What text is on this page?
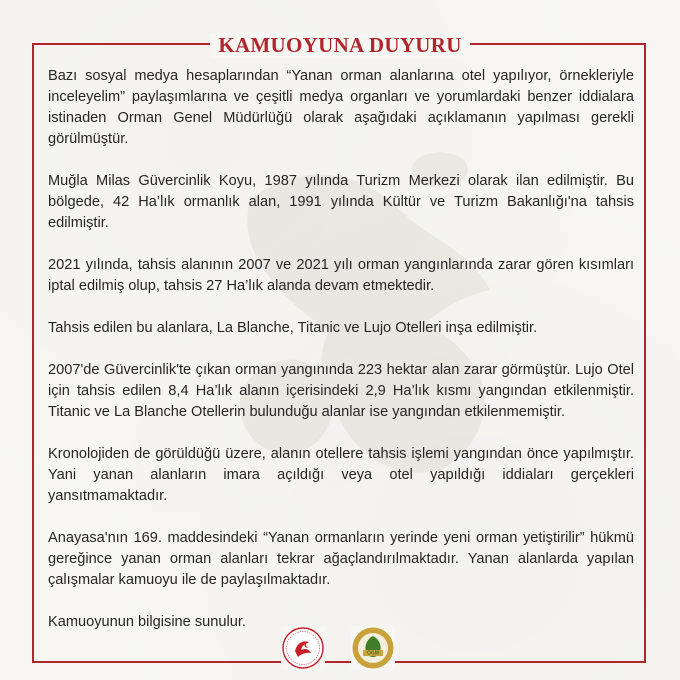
KAMUOYUNA DUYURU

Bazı sosyal medya hesaplarından “Yanan orman alanlarına otel yapılıyor, örnekleriyle inceleyelim” paylaşımlarına ve çeşitli medya organları ve yorumlardaki benzer iddialara istinaden Orman Genel Müdürlüğü olarak aşağıdaki açıklamanın yapılması gerekli görülmüştür.

Muğla Milas Güvercinlik Koyu, 1987 yılında Turizm Merkezi olarak ilan edilmiştir. Bu bölgede, 42 Ha’lık ormanlık alan, 1991 yılında Kültür ve Turizm Bakanlığı'na tahsis edilmiştir.

2021 yılında, tahsis alanının 2007 ve 2021 yılı orman yangınlarında zarar gören kısımları iptal edilmiş olup, tahsis 27 Ha’lık alanda devam etmektedir.

Tahsis edilen bu alanlara, La Blanche, Titanic ve Lujo Otelleri inşa edilmiştir.

2007'de Güvercinlik'te çıkan orman yangınında 223 hektar alan zarar görmüştür. Lujo Otel için tahsis edilen 8,4 Ha’lık alanın içerisindeki 2,9 Ha’lık kısmı yangından etkilenmiştir. Titanic ve La Blanche Otellerin bulunduğu alanlar ise yangından etkilenmemiştir.

Kronolojiden de görüldüğü üzere, alanın otellere tahsis işlemi yangından önce yapılmıştır. Yani yanan alanların imara açıldığı veya otel yapıldığı iddiaları gerçekleri yansıtmamaktadır.

Anayasa'nın 169. maddesindeki “Yanan ormanların yerinde yeni orman yetiştirilir” hükmü gereğince yanan orman alanları tekrar ağaçlandırılmaktadır. Yanan alanlarda yapılan çalışmalar kamuoyu ile de paylaşılmaktadır.

Kamuoyunun bilgisine sunulur.

OGM
